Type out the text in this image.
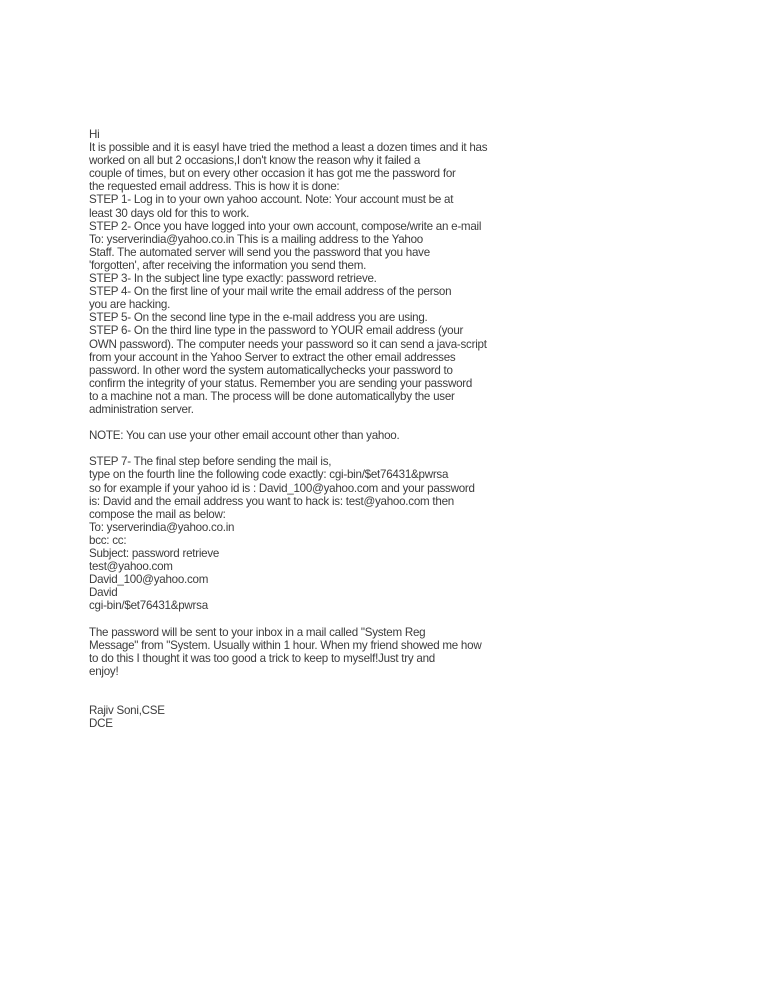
Hi
It is possible and it is easyI have tried the method a least a dozen times and it has
worked on all but 2 occasions,I don't know the reason why it failed a
couple of times, but on every other occasion it has got me the password for
the requested email address. This is how it is done:
STEP 1- Log in to your own yahoo account. Note: Your account must be at
least 30 days old for this to work.
STEP 2- Once you have logged into your own account, compose/write an e-mail
To: yserverindia@yahoo.co.in This is a mailing address to the Yahoo
Staff. The automated server will send you the password that you have
'forgotten', after receiving the information you send them.
STEP 3- In the subject line type exactly: password retrieve.
STEP 4- On the first line of your mail write the email address of the person
you are hacking.
STEP 5- On the second line type in the e-mail address you are using.
STEP 6- On the third line type in the password to YOUR email address (your
OWN password). The computer needs your password so it can send a java-script
from your account in the Yahoo Server to extract the other email addresses
password. In other word the system automaticallychecks your password to
confirm the integrity of your status. Remember you are sending your password
to a machine not a man. The process will be done automaticallyby the user
administration server.
NOTE: You can use your other email account other than yahoo.
STEP 7- The final step before sending the mail is,
type on the fourth line the following code exactly: cgi-bin/$et76431&pwrsa
so for example if your yahoo id is : David_100@yahoo.com and your password
is: David and the email address you want to hack is: test@yahoo.com then
compose the mail as below:
To: yserverindia@yahoo.co.in
bcc: cc:
Subject: password retrieve
test@yahoo.com
David_100@yahoo.com
David
cgi-bin/$et76431&pwrsa
The password will be sent to your inbox in a mail called "System Reg
Message" from "System. Usually within 1 hour. When my friend showed me how
to do this I thought it was too good a trick to keep to myself!Just try and
enjoy!
Rajiv Soni,CSE
DCE
